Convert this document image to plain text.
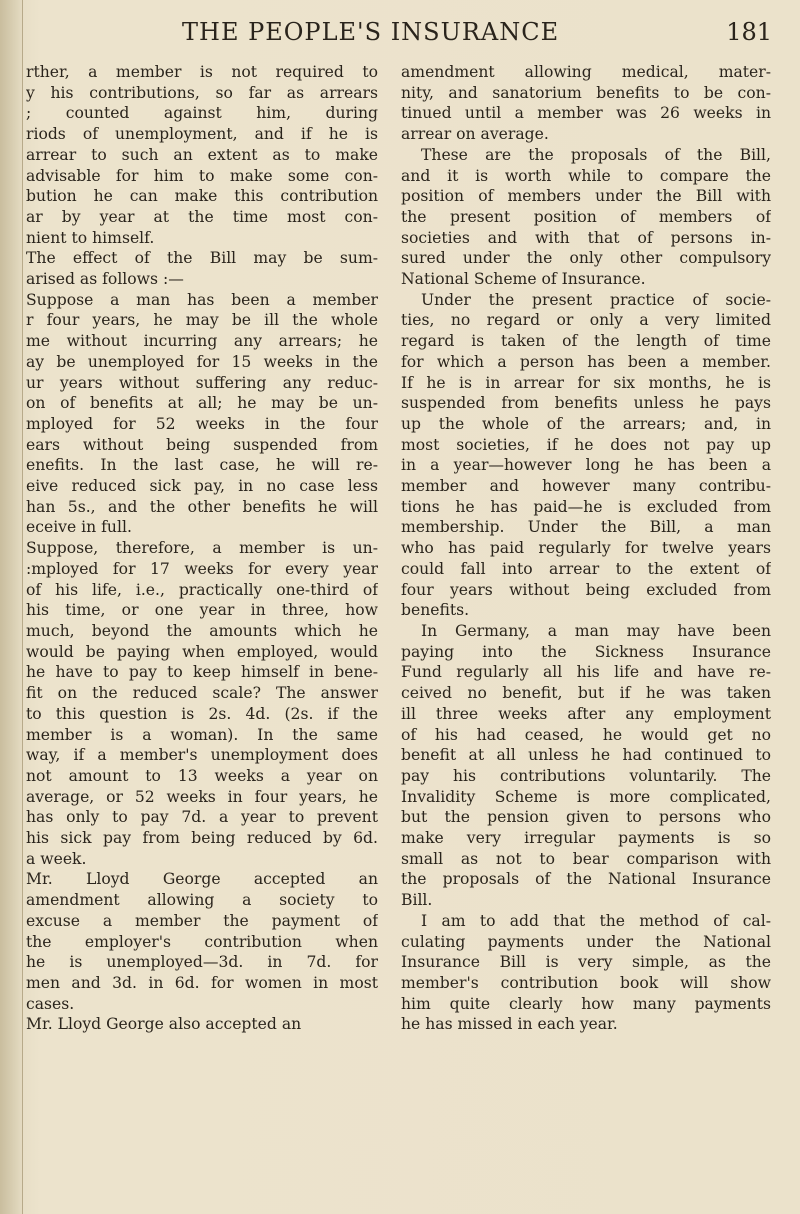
THE PEOPLE'S INSURANCE	181
rther, a member is not required to
y his contributions, so far as arrears
; counted against him, during
riods of unemployment, and if he is
arrear to such an extent as to make
advisable for him to make some con-
bution he can make this contribution
ar by year at the time most con-
nient to himself.
The effect of the Bill may be sum-
arised as follows :—
Suppose a man has been a member
r four years, he may be ill the whole
me without incurring any arrears; he
ay be unemployed for 15 weeks in the
ur years without suffering any reduc-
on of benefits at all; he may be un-
mployed for 52 weeks in the four
ears without being suspended from
enefits. In the last case, he will re-
eive reduced sick pay, in no case less
han 5s., and the other benefits he will
eceive in full.
Suppose, therefore, a member is un-
:mployed for 17 weeks for every year
of his life, i.e., practically one-third of
his time, or one year in three, how
much, beyond the amounts which he
would be paying when employed, would
he have to pay to keep himself in bene-
fit on the reduced scale? The answer
to this question is 2s. 4d. (2s. if the
member is a woman). In the same
way, if a member's unemployment does
not amount to 13 weeks a year on
average, or 52 weeks in four years, he
has only to pay 7d. a year to prevent
his sick pay from being reduced by 6d.
a week.
Mr. Lloyd George accepted an
amendment allowing a society to
excuse a member the payment of
the employer's contribution when
he is unemployed—3d. in 7d. for
men and 3d. in 6d. for women in most
cases.
Mr. Lloyd George also accepted an
amendment allowing medical, mater-
nity, and sanatorium benefits to be con-
tinued until a member was 26 weeks in
arrear on average.
These are the proposals of the Bill,
and it is worth while to compare the
position of members under the Bill with
the present position of members of
societies and with that of persons in-
sured under the only other compulsory
National Scheme of Insurance.
Under the present practice of socie-
ties, no regard or only a very limited
regard is taken of the length of time
for which a person has been a member.
If he is in arrear for six months, he is
suspended from benefits unless he pays
up the whole of the arrears; and, in
most societies, if he does not pay up
in a year—however long he has been a
member and however many contribu-
tions he has paid—he is excluded from
membership. Under the Bill, a man
who has paid regularly for twelve years
could fall into arrear to the extent of
four years without being excluded from
benefits.
In Germany, a man may have been
paying into the Sickness Insurance
Fund regularly all his life and have re-
ceived no benefit, but if he was taken
ill three weeks after any employment
of his had ceased, he would get no
benefit at all unless he had continued to
pay his contributions voluntarily. The
Invalidity Scheme is more complicated,
but the pension given to persons who
make very irregular payments is so
small as not to bear comparison with
the proposals of the National Insurance
Bill.
I am to add that the method of cal-
culating payments under the National
Insurance Bill is very simple, as the
member's contribution book will show
him quite clearly how many payments
he has missed in each year.
